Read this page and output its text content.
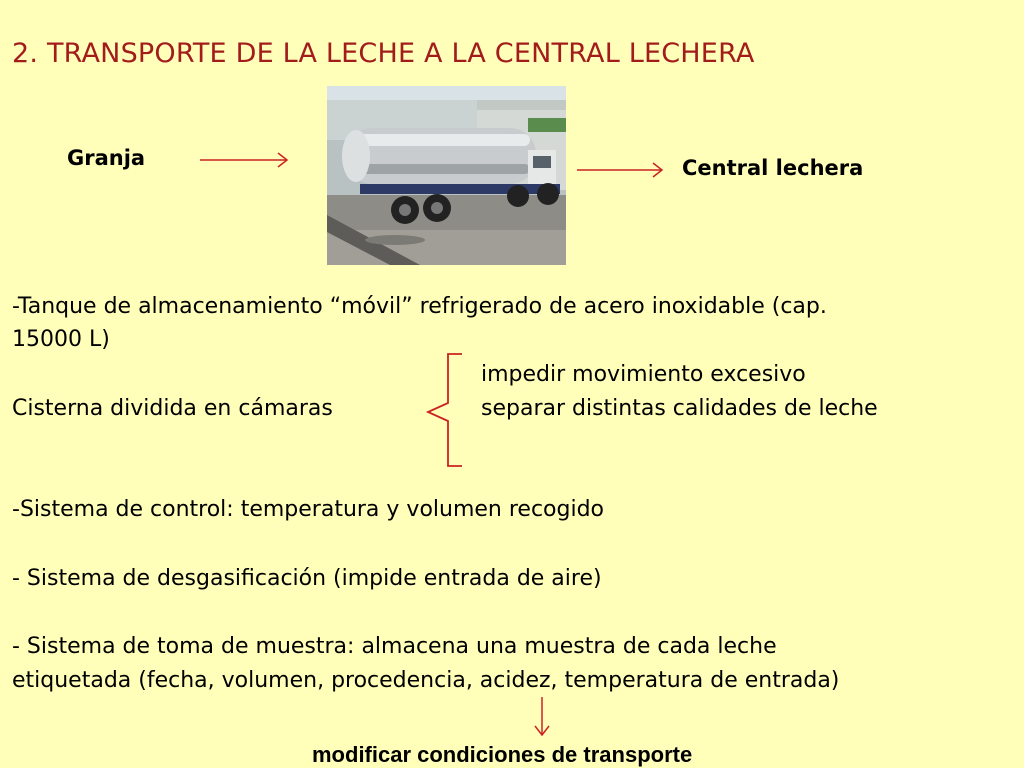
2. TRANSPORTE DE LA LECHE A LA CENTRAL LECHERA
Granja	Central lechera
-Tanque de almacenamiento “móvil” refrigerado de acero inoxidable (cap.
15000 L)
impedir movimiento excesivo
Cisterna dividida en cámaras	separar distintas calidades de leche
-Sistema de control: temperatura y volumen recogido
- Sistema de desgasificación (impide entrada de aire)
- Sistema de toma de muestra: almacena una muestra de cada leche
etiquetada (fecha, volumen, procedencia, acidez, temperatura de entrada)
modificar condiciones de transporte
